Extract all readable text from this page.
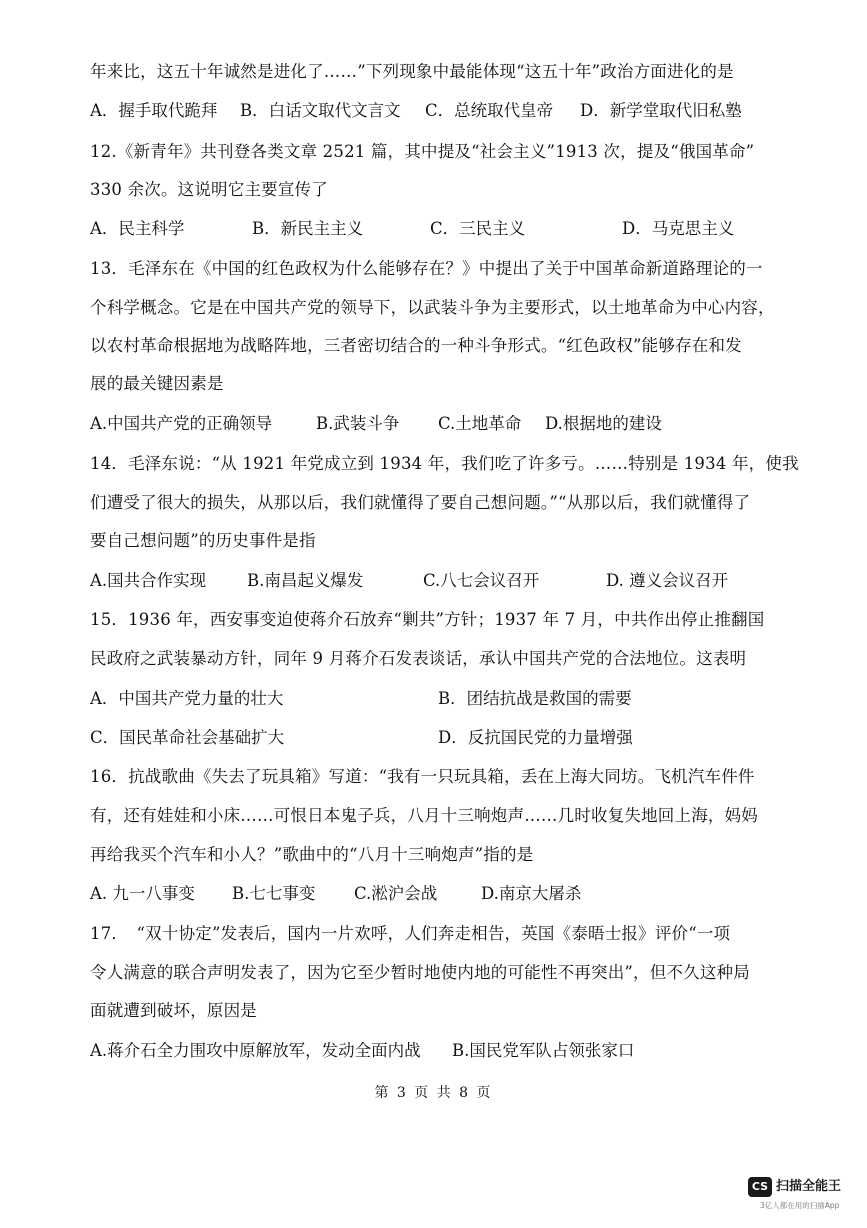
年来比，这五十年诚然是进化了……”下列现象中最能体现“这五十年”政治方面进化的是
A．握手取代跪拜 B．白话文取代文言文 C．总统取代皇帝 D．新学堂取代旧私塾
12.《新青年》共刊登各类文章 2521 篇，其中提及“社会主义”1913 次，提及“俄国革命”
330 余次。这说明它主要宣传了
A．民主科学	B．新民主主义	C．三民主义	D．马克思主义
13．毛泽东在《中国的红色政权为什么能够存在？》中提出了关于中国革命新道路理论的一
个科学概念。它是在中国共产党的领导下，以武装斗争为主要形式，以土地革命为中心内容，
以农村革命根据地为战略阵地，三者密切结合的一种斗争形式。“红色政权”能够存在和发
展的最关键因素是
A.中国共产党的正确领导	B.武装斗争 C.土地革命 D.根据地的建设
14．毛泽东说：“从 1921 年党成立到 1934 年，我们吃了许多亏。……特别是 1934 年，使我
们遭受了很大的损失，从那以后，我们就懂得了要自己想问题。”“从那以后，我们就懂得了
要自己想问题”的历史事件是指
A.国共合作实现 B.南昌起义爆发	C.八七会议召开	D. 遵义会议召开
15．1936 年，西安事变迫使蒋介石放弃“剿共”方针；1937 年 7 月，中共作出停止推翻国
民政府之武装暴动方针，同年 9 月蒋介石发表谈话，承认中国共产党的合法地位。这表明
A．中国共产党力量的壮大	B．团结抗战是救国的需要
C．国民革命社会基础扩大	D．反抗国民党的力量增强
16．抗战歌曲《失去了玩具箱》写道：“我有一只玩具箱，丢在上海大同坊。飞机汽车件件
有，还有娃娃和小床……可恨日本鬼子兵，八月十三响炮声……几时收复失地回上海，妈妈
再给我买个汽车和小人？”歌曲中的“八月十三响炮声”指的是
A. 九一八事变 B.七七事变 C.淞沪会战	D.南京大屠杀
17．　“双十协定”发表后，国内一片欢呼，人们奔走相告，英国《泰晤士报》评价“一项
令人满意的联合声明发表了，因为它至少暂时地使内地的可能性不再突出”，但不久这种局
面就遭到破坏，原因是
A.蒋介石全力围攻中原解放军，发动全面内战 B.国民党军队占领张家口
第 3 页 共 8 页
CS 扫描全能王
3亿人都在用的扫描App
